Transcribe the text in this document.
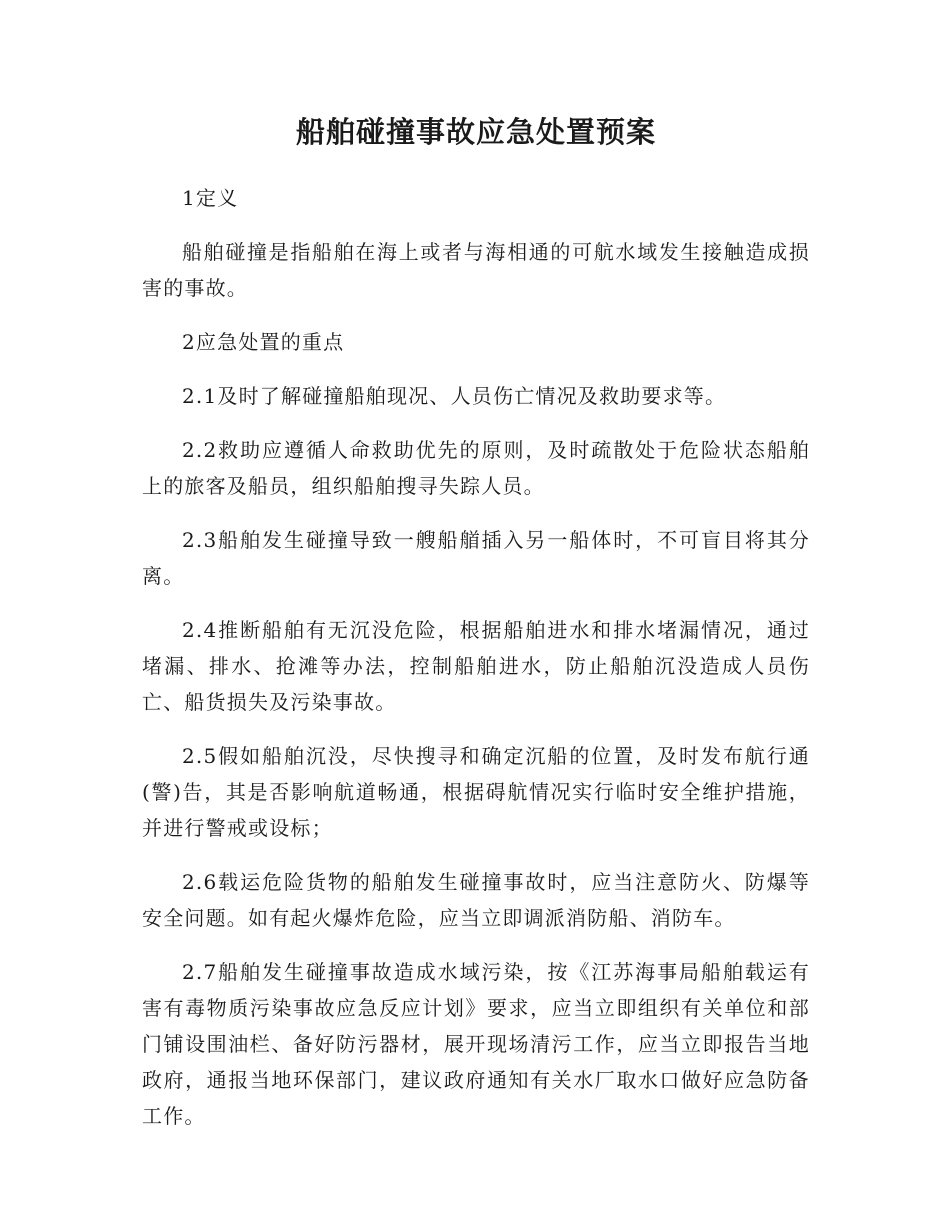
船舶碰撞事故应急处置预案

1定义

船舶碰撞是指船舶在海上或者与海相通的可航水域发生接触造成损害的事故。

2应急处置的重点

2.1及时了解碰撞船舶现况、人员伤亡情况及救助要求等。

2.2救助应遵循人命救助优先的原则，及时疏散处于危险状态船舶上的旅客及船员，组织船舶搜寻失踪人员。

2.3船舶发生碰撞导致一艘船艏插入另一船体时，不可盲目将其分离。

2.4推断船舶有无沉没危险，根据船舶进水和排水堵漏情况，通过堵漏、排水、抢滩等办法，控制船舶进水，防止船舶沉没造成人员伤亡、船货损失及污染事故。

2.5假如船舶沉没，尽快搜寻和确定沉船的位置，及时发布航行通(警)告，其是否影响航道畅通，根据碍航情况实行临时安全维护措施，并进行警戒或设标；

2.6载运危险货物的船舶发生碰撞事故时，应当注意防火、防爆等安全问题。如有起火爆炸危险，应当立即调派消防船、消防车。

2.7船舶发生碰撞事故造成水域污染，按《江苏海事局船舶载运有害有毒物质污染事故应急反应计划》要求，应当立即组织有关单位和部门铺设围油栏、备好防污器材，展开现场清污工作，应当立即报告当地政府，通报当地环保部门，建议政府通知有关水厂取水口做好应急防备工作。
